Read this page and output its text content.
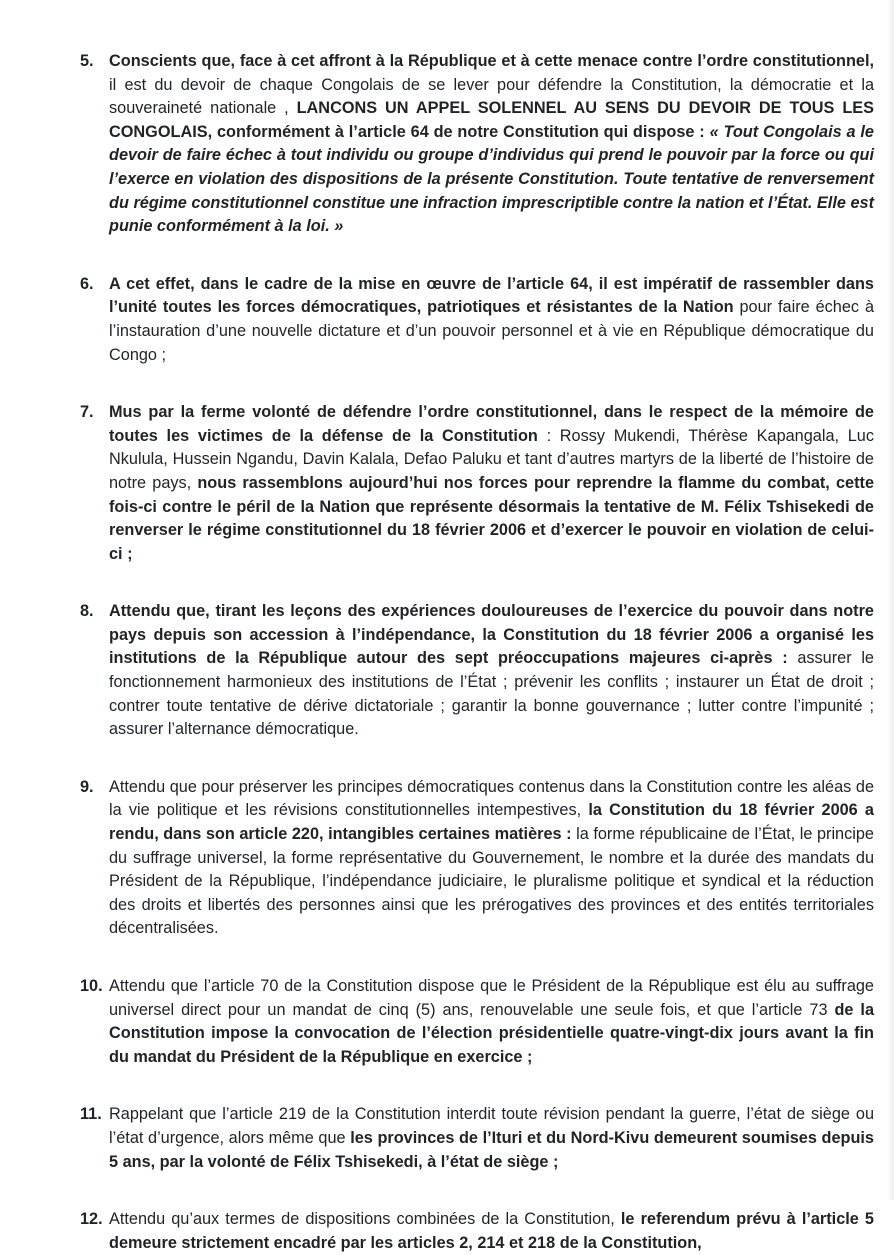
5. Conscients que, face à cet affront à la République et à cette menace contre l’ordre constitutionnel, il est du devoir de chaque Congolais de se lever pour défendre la Constitution, la démocratie et la souveraineté nationale , LANCONS UN APPEL SOLENNEL AU SENS DU DEVOIR DE TOUS LES CONGOLAIS, conformément à l’article 64 de notre Constitution qui dispose : « Tout Congolais a le devoir de faire échec à tout individu ou groupe d’individus qui prend le pouvoir par la force ou qui l’exerce en violation des dispositions de la présente Constitution. Toute tentative de renversement du régime constitutionnel constitue une infraction imprescriptible contre la nation et l’État. Elle est punie conformément à la loi. »
6. A cet effet, dans le cadre de la mise en œuvre de l’article 64, il est impératif de rassembler dans l’unité toutes les forces démocratiques, patriotiques et résistantes de la Nation pour faire échec à l’instauration d’une nouvelle dictature et d’un pouvoir personnel et à vie en République démocratique du Congo ;
7. Mus par la ferme volonté de défendre l’ordre constitutionnel, dans le respect de la mémoire de toutes les victimes de la défense de la Constitution : Rossy Mukendi, Thérèse Kapangala, Luc Nkulula, Hussein Ngandu, Davin Kalala, Defao Paluku et tant d’autres martyrs de la liberté de l’histoire de notre pays, nous rassemblons aujourd’hui nos forces pour reprendre la flamme du combat, cette fois-ci contre le péril de la Nation que représente désormais la tentative de M. Félix Tshisekedi de renverser le régime constitutionnel du 18 février 2006 et d’exercer le pouvoir en violation de celui-ci ;
8. Attendu que, tirant les leçons des expériences douloureuses de l’exercice du pouvoir dans notre pays depuis son accession à l’indépendance, la Constitution du 18 février 2006 a organisé les institutions de la République autour des sept préoccupations majeures ci-après : assurer le fonctionnement harmonieux des institutions de l’État ; prévenir les conflits ; instaurer un État de droit ; contrer toute tentative de dérive dictatoriale ; garantir la bonne gouvernance ; lutter contre l’impunité ; assurer l’alternance démocratique.
9. Attendu que pour préserver les principes démocratiques contenus dans la Constitution contre les aléas de la vie politique et les révisions constitutionnelles intempestives, la Constitution du 18 février 2006 a rendu, dans son article 220, intangibles certaines matières : la forme républicaine de l’État, le principe du suffrage universel, la forme représentative du Gouvernement, le nombre et la durée des mandats du Président de la République, l’indépendance judiciaire, le pluralisme politique et syndical et la réduction des droits et libertés des personnes ainsi que les prérogatives des provinces et des entités territoriales décentralisées.
10. Attendu que l’article 70 de la Constitution dispose que le Président de la République est élu au suffrage universel direct pour un mandat de cinq (5) ans, renouvelable une seule fois, et que l’article 73 de la Constitution impose la convocation de l’élection présidentielle quatre-vingt-dix jours avant la fin du mandat du Président de la République en exercice ;
11. Rappelant que l’article 219 de la Constitution interdit toute révision pendant la guerre, l’état de siège ou l’état d’urgence, alors même que les provinces de l’Ituri et du Nord-Kivu demeurent soumises depuis 5 ans, par la volonté de Félix Tshisekedi, à l’état de siège ;
12. Attendu qu’aux termes de dispositions combinées de la Constitution, le referendum prévu à l’article 5 demeure strictement encadré par les articles 2, 214 et 218 de la Constitution,
